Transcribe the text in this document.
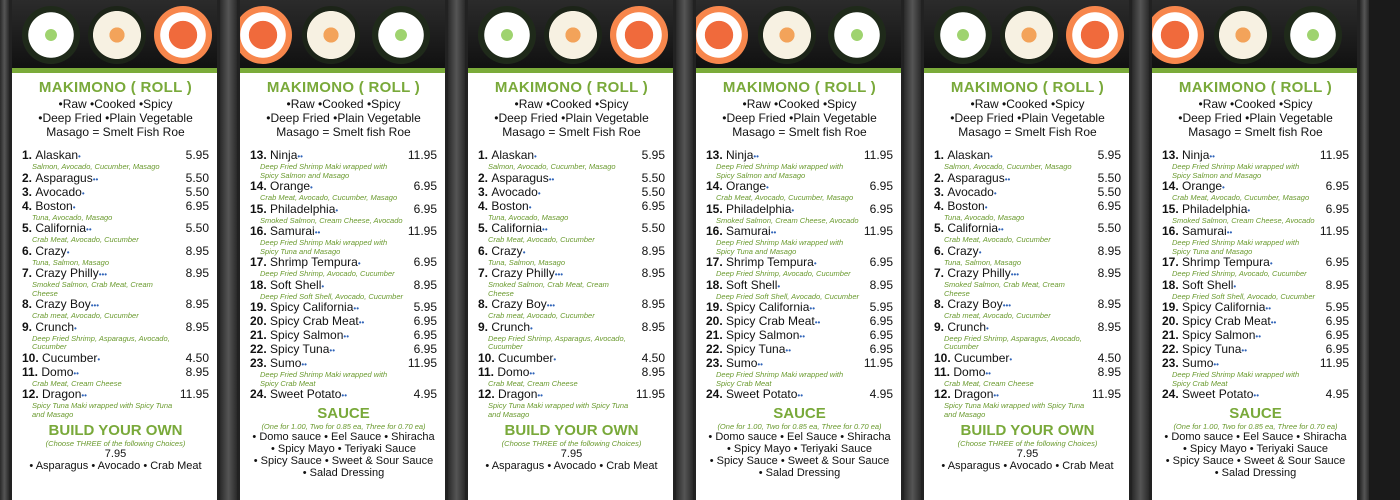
MAKIMONO ( ROLL )
•Raw •Cooked •Spicy
•Deep Fried •Plain Vegetable
Masago = Smelt Fish Roe
1. Alaskan•	5.95
Salmon, Avocado, Cucumber, Masago
2. Asparagus••	5.50
3. Avocado•	5.50
4. Boston•	6.95
Tuna, Avocado, Masago
5. California••	5.50
Crab Meat, Avocado, Cucumber
6. Crazy•	8.95
Tuna, Salmon, Masago
7. Crazy Philly•••	8.95
Smoked Salmon, Crab Meat, Cream Cheese
8. Crazy Boy•••	8.95
Crab meat, Avocado, Cucumber
9. Crunch•	8.95
Deep Fried Shrimp, Asparagus, Avocado, Cucumber
10. Cucumber•	4.50
11. Domo••	8.95
Crab Meat, Cream Cheese
12. Dragon••	11.95
Spicy Tuna Maki wrapped with Spicy Tuna and Masago
BUILD YOUR OWN
(Choose THREE of the following Choices)
7.95
• Asparagus • Avocado • Crab Meat
MAKIMONO ( ROLL )
•Raw •Cooked •Spicy
•Deep Fried •Plain Vegetable
Masago = Smelt fish Roe
13. Ninja••	11.95
Deep Fried Shrimp Maki wrapped with Spicy Salmon and Masago
14. Orange•	6.95
Crab Meat, Avocado, Cucumber, Masago
15. Philadelphia•	6.95
Smoked Salmon, Cream Cheese, Avocado
16. Samurai••	11.95
Deep Fried Shrimp Maki wrapped with Spicy Tuna and Masago
17. Shrimp Tempura•	6.95
Deep Fried Shrimp, Avocado, Cucumber
18. Soft Shell•	8.95
Deep Fried Soft Shell, Avocado, Cucumber
19. Spicy California••	5.95
20. Spicy Crab Meat••	6.95
21. Spicy Salmon••	6.95
22. Spicy Tuna••	6.95
23. Sumo••	11.95
Deep Fried Shrimp Maki wrapped with Spicy Crab Meat
24. Sweet Potato••	4.95
SAUCE
(One for 1.00, Two for 0.85 ea, Three for 0.70 ea)
• Domo sauce • Eel Sauce • Shiracha
• Spicy Mayo • Teriyaki Sauce
• Spicy Sauce • Sweet & Sour Sauce
• Salad Dressing
MAKIMONO ( ROLL )
•Raw •Cooked •Spicy
•Deep Fried •Plain Vegetable
Masago = Smelt Fish Roe
1. Alaskan•	5.95
Salmon, Avocado, Cucumber, Masago
2. Asparagus••	5.50
3. Avocado•	5.50
4. Boston•	6.95
Tuna, Avocado, Masago
5. California••	5.50
Crab Meat, Avocado, Cucumber
6. Crazy•	8.95
Tuna, Salmon, Masago
7. Crazy Philly•••	8.95
Smoked Salmon, Crab Meat, Cream Cheese
8. Crazy Boy•••	8.95
Crab meat, Avocado, Cucumber
9. Crunch•	8.95
Deep Fried Shrimp, Asparagus, Avocado, Cucumber
10. Cucumber•	4.50
11. Domo••	8.95
Crab Meat, Cream Cheese
12. Dragon••	11.95
Spicy Tuna Maki wrapped with Spicy Tuna and Masago
BUILD YOUR OWN
(Choose THREE of the following Choices)
7.95
• Asparagus • Avocado • Crab Meat
MAKIMONO ( ROLL )
•Raw •Cooked •Spicy
•Deep Fried •Plain Vegetable
Masago = Smelt fish Roe
13. Ninja••	11.95
Deep Fried Shrimp Maki wrapped with Spicy Salmon and Masago
14. Orange•	6.95
Crab Meat, Avocado, Cucumber, Masago
15. Philadelphia•	6.95
Smoked Salmon, Cream Cheese, Avocado
16. Samurai••	11.95
Deep Fried Shrimp Maki wrapped with Spicy Tuna and Masago
17. Shrimp Tempura•	6.95
Deep Fried Shrimp, Avocado, Cucumber
18. Soft Shell•	8.95
Deep Fried Soft Shell, Avocado, Cucumber
19. Spicy California••	5.95
20. Spicy Crab Meat••	6.95
21. Spicy Salmon••	6.95
22. Spicy Tuna••	6.95
23. Sumo••	11.95
Deep Fried Shrimp Maki wrapped with Spicy Crab Meat
24. Sweet Potato••	4.95
SAUCE
(One for 1.00, Two for 0.85 ea, Three for 0.70 ea)
• Domo sauce • Eel Sauce • Shiracha
• Spicy Mayo • Teriyaki Sauce
• Spicy Sauce • Sweet & Sour Sauce
• Salad Dressing
MAKIMONO ( ROLL )
•Raw •Cooked •Spicy
•Deep Fried •Plain Vegetable
Masago = Smelt Fish Roe
1. Alaskan•	5.95
Salmon, Avocado, Cucumber, Masago
2. Asparagus••	5.50
3. Avocado•	5.50
4. Boston•	6.95
Tuna, Avocado, Masago
5. California••	5.50
Crab Meat, Avocado, Cucumber
6. Crazy•	8.95
Tuna, Salmon, Masago
7. Crazy Philly•••	8.95
Smoked Salmon, Crab Meat, Cream Cheese
8. Crazy Boy•••	8.95
Crab meat, Avocado, Cucumber
9. Crunch•	8.95
Deep Fried Shrimp, Asparagus, Avocado, Cucumber
10. Cucumber•	4.50
11. Domo••	8.95
Crab Meat, Cream Cheese
12. Dragon••	11.95
Spicy Tuna Maki wrapped with Spicy Tuna and Masago
BUILD YOUR OWN
(Choose THREE of the following Choices)
7.95
• Asparagus • Avocado • Crab Meat
MAKIMONO ( ROLL )
•Raw •Cooked •Spicy
•Deep Fried •Plain Vegetable
Masago = Smelt fish Roe
13. Ninja••	11.95
Deep Fried Shrimp Maki wrapped with Spicy Salmon and Masago
14. Orange•	6.95
Crab Meat, Avocado, Cucumber, Masago
15. Philadelphia•	6.95
Smoked Salmon, Cream Cheese, Avocado
16. Samurai••	11.95
Deep Fried Shrimp Maki wrapped with Spicy Tuna and Masago
17. Shrimp Tempura•	6.95
Deep Fried Shrimp, Avocado, Cucumber
18. Soft Shell•	8.95
Deep Fried Soft Shell, Avocado, Cucumber
19. Spicy California••	5.95
20. Spicy Crab Meat••	6.95
21. Spicy Salmon••	6.95
22. Spicy Tuna••	6.95
23. Sumo••	11.95
Deep Fried Shrimp Maki wrapped with Spicy Crab Meat
24. Sweet Potato••	4.95
SAUCE
(One for 1.00, Two for 0.85 ea, Three for 0.70 ea)
• Domo sauce • Eel Sauce • Shiracha
• Spicy Mayo • Teriyaki Sauce
• Spicy Sauce • Sweet & Sour Sauce
• Salad Dressing
